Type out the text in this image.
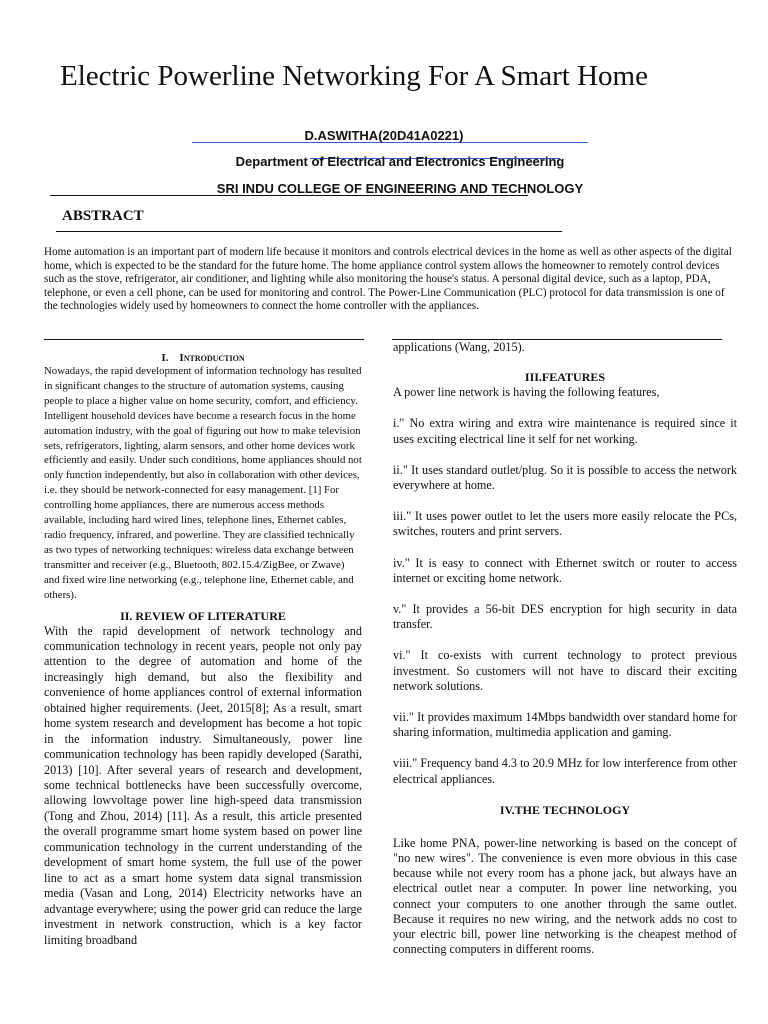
Electric Powerline Networking For A Smart Home
D.ASWITHA(20D41A0221)
Department of Electrical and Electronics Engineering
SRI INDU COLLEGE OF ENGINEERING AND TECHNOLOGY
ABSTRACT
Home automation is an important part of modern life because it monitors and controls electrical devices in the home as well as other aspects of the digital home, which is expected to be the standard for the future home. The home appliance control system allows the homeowner to remotely control devices such as the stove, refrigerator, air conditioner, and lighting while also monitoring the house's status. A personal digital device, such as a laptop, PDA, telephone, or even a cell phone, can be used for monitoring and control. The Power-Line Communication (PLC) protocol for data transmission is one of the technologies widely used by homeowners to connect the home controller with the appliances.
I. Introduction

Nowadays, the rapid development of information technology has resulted in significant changes to the structure of automation systems, causing people to place a higher value on home security, comfort, and efficiency. Intelligent household devices have become a research focus in the home automation industry, with the goal of figuring out how to make television sets, refrigerators, lighting, alarm sensors, and other home devices work efficiently and easily. Under such conditions, home appliances should not only function independently, but also in collaboration with other devices, i.e. they should be network-connected for easy management. [1] For controlling home appliances, there are numerous access methods available, including hard wired lines, telephone lines, Ethernet cables, radio frequency, infrared, and powerline. They are classified technically as two types of networking techniques: wireless data exchange between transmitter and receiver (e.g., Bluetooth, 802.15.4/ZigBee, or Zwave) and fixed wire line networking (e.g., telephone line, Ethernet cable, and others).

II. REVIEW OF LITERATURE

With the rapid development of network technology and communication technology in recent years, people not only pay attention to the degree of automation and home of the increasingly high demand, but also the flexibility and convenience of home appliances control of external information obtained higher requirements. (Jeet, 2015[8]; As a result, smart home system research and development has become a hot topic in the information industry. Simultaneously, power line communication technology has been rapidly developed (Sarathi, 2013) [10]. After several years of research and development, some technical bottlenecks have been successfully overcome, allowing lowvoltage power line high-speed data transmission (Tong and Zhou, 2014) [11]. As a result, this article presented the overall programme smart home system based on power line communication technology in the current understanding of the development of smart home system, the full use of the power line to act as a smart home system data signal transmission media (Vasan and Long, 2014) Electricity networks have an advantage everywhere; using the power grid can reduce the large investment in network construction, which is a key factor limiting broadband

applications (Wang, 2015).

III.FEATURES

A power line network is having the following features,

i." No extra wiring and extra wire maintenance is required since it uses exciting electrical line it self for net working.

ii." It uses standard outlet/plug. So it is possible to access the network everywhere at home.

iii." It uses power outlet to let the users more easily relocate the PCs, switches, routers and print servers.

iv." It is easy to connect with Ethernet switch or router to access internet or exciting home network.

v." It provides a 56-bit DES encryption for high security in data transfer.

vi." It co-exists with current technology to protect previous investment. So customers will not have to discard their exciting network solutions.

vii." It provides maximum 14Mbps bandwidth over standard home for sharing information, multimedia application and gaming.

viii." Frequency band 4.3 to 20.9 MHz for low interference from other electrical appliances.

IV.THE TECHNOLOGY

Like home PNA, power-line networking is based on the concept of "no new wires". The convenience is even more obvious in this case because while not every room has a phone jack, but always have an electrical outlet near a computer. In power line networking, you connect your computers to one another through the same outlet. Because it requires no new wiring, and the network adds no cost to your electric bill, power line networking is the cheapest method of connecting computers in different rooms.
